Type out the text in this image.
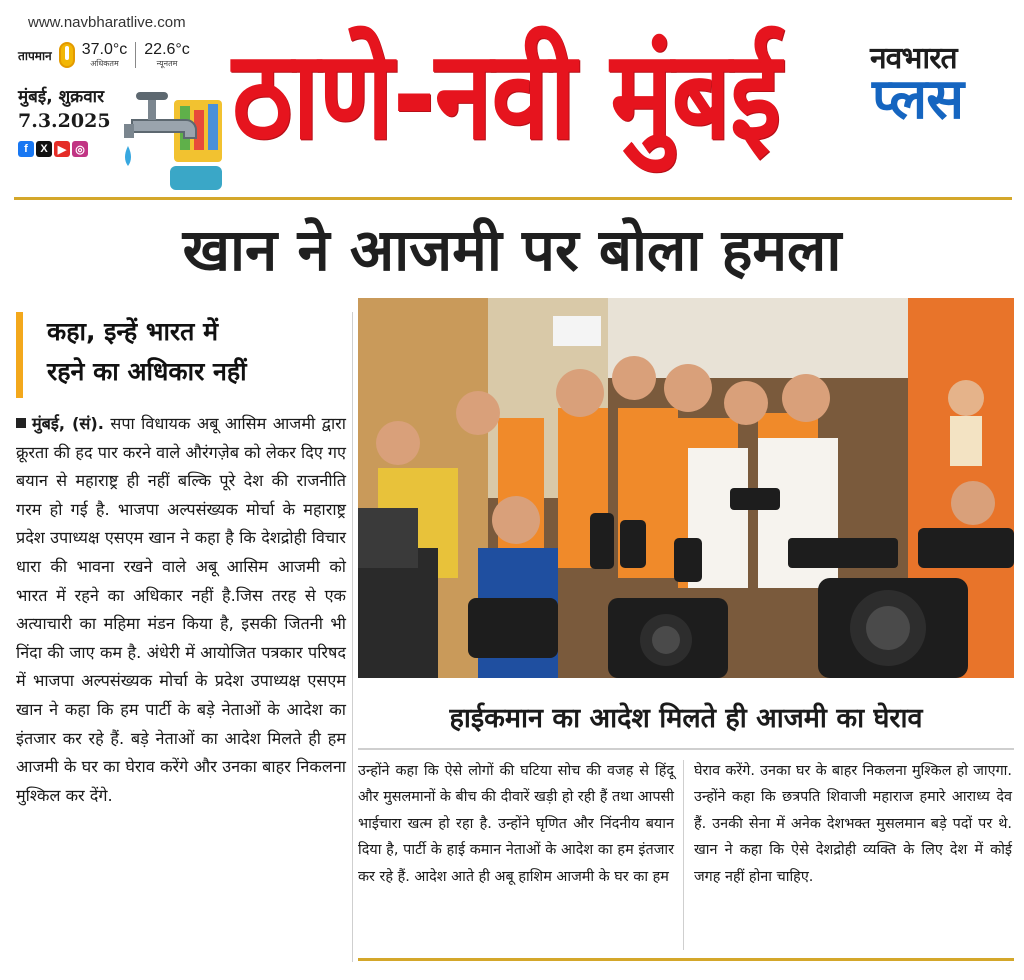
www.navbharatlive.com
तापमान 37.0°c
अधिकतम
22.6°c
न्यूनतम
मुंबई, शुक्रवार
7.3.2025
f	X ▶ ◎ ठाणे-नवी मुंबई	नवभारत
प्लस
खान ने आजमी पर बोला हमला
कहा, इन्हें भारत में
रहने का अधिकार नहीं
मुंबई, (सं). सपा विधायक अबू आसिम आजमी द्वारा क्रूरता की हद पार करने वाले औरंगज़ेब को लेकर दिए गए बयान से महाराष्ट्र ही नहीं बल्कि पूरे देश की राजनीति गरम हो गई है. भाजपा अल्पसंख्यक मोर्चा के महाराष्ट्र प्रदेश उपाध्यक्ष एसएम खान ने कहा है कि देशद्रोही विचार धारा की भावना रखने वाले अबू आसिम आजमी को भारत में रहने का अधिकार नहीं है.जिस तरह से एक अत्याचारी का महिमा मंडन किया है, इसकी जितनी भी निंदा की जाए कम है. अंधेरी में आयोजित पत्रकार परिषद में भाजपा अल्पसंख्यक मोर्चा के प्रदेश उपाध्यक्ष एसएम खान ने कहा कि हम पार्टी के बड़े नेताओं के आदेश का इंतजार कर रहे हैं. बड़े नेताओं का आदेश मिलते ही हम आजमी के घर का घेराव करेंगे और उनका बाहर निकलना मुश्किल कर देंगे.
हाईकमान का आदेश मिलते ही आजमी का घेराव
उन्होंने कहा कि ऐसे लोगों की घटिया सोच की वजह से हिंदू और मुसलमानों के बीच की दीवारें खड़ी हो रही हैं तथा आपसी भाईचारा खत्म हो रहा है. उन्होंने घृणित और निंदनीय बयान दिया है, पार्टी के हाई कमान नेताओं के आदेश का हम इंतजार कर रहे हैं. आदेश आते ही अबू हाशिम आजमी के घर का हम
घेराव करेंगे. उनका घर के बाहर निकलना मुश्किल हो जाएगा. उन्होंने कहा कि छत्रपति शिवाजी महाराज हमारे आराध्य देव हैं. उनकी सेना में अनेक देशभक्त मुसलमान बड़े पदों पर थे. खान ने कहा कि ऐसे देशद्रोही व्यक्ति के लिए देश में कोई जगह नहीं होना चाहिए.
